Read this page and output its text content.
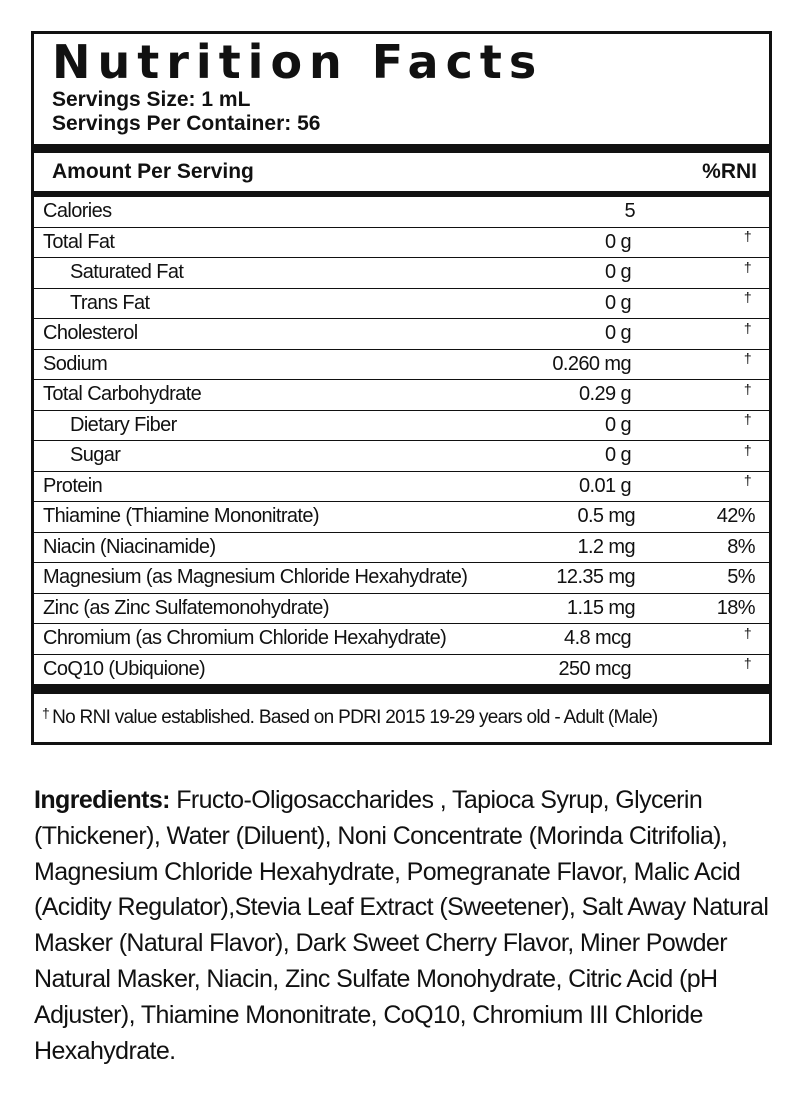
Nutrition Facts
Servings Size: 1 mL
Servings Per Container: 56
Amount Per Serving	%RNI
Calories	5
Total Fat	0 g	†
Saturated Fat	0 g	†
Trans Fat	0 g	†
Cholesterol	0 g	†
Sodium	0.260 mg	†
Total Carbohydrate	0.29 g	†
Dietary Fiber	0 g	†
Sugar	0 g	†
Protein	0.01 g	†
Thiamine (Thiamine Mononitrate)	0.5 mg	42%
Niacin (Niacinamide)	1.2 mg	8%
Magnesium (as Magnesium Chloride Hexahydrate)	12.35 mg	5%
Zinc (as Zinc Sulfatemonohydrate)	1.15 mg	18%
Chromium (as Chromium Chloride Hexahydrate)	4.8 mcg	†
CoQ10 (Ubiquione)	250 mcg	†
† No RNI value established. Based on PDRI 2015 19-29 years old - Adult (Male)
Ingredients: Fructo-Oligosaccharides , Tapioca Syrup, Glycerin (Thickener), Water (Diluent), Noni Concentrate (Morinda Citrifolia), Magnesium Chloride Hexahydrate, Pomegranate Flavor, Malic Acid (Acidity Regulator),Stevia Leaf Extract (Sweetener), Salt Away Natural Masker (Natural Flavor), Dark Sweet Cherry Flavor, Miner Powder Natural Masker, Niacin, Zinc Sulfate Monohydrate, Citric Acid (pH Adjuster), Thiamine Mononitrate, CoQ10, Chromium III Chloride Hexahydrate.
